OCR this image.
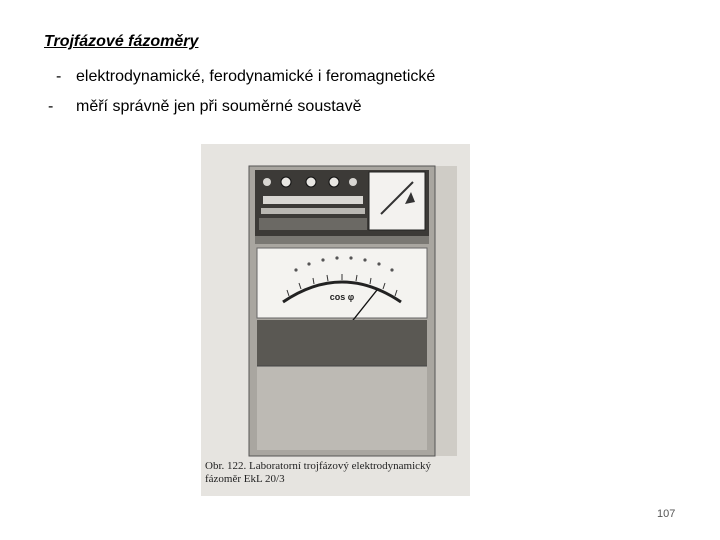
Trojfázové fázoměry
- elektrodynamické, ferodynamické i feromagnetické
- měří správně jen při souměrné soustavě
cos φ
Obr. 122. Laboratorní trojfázový elektrodynamický
fázoměr EkL 20/3
107
